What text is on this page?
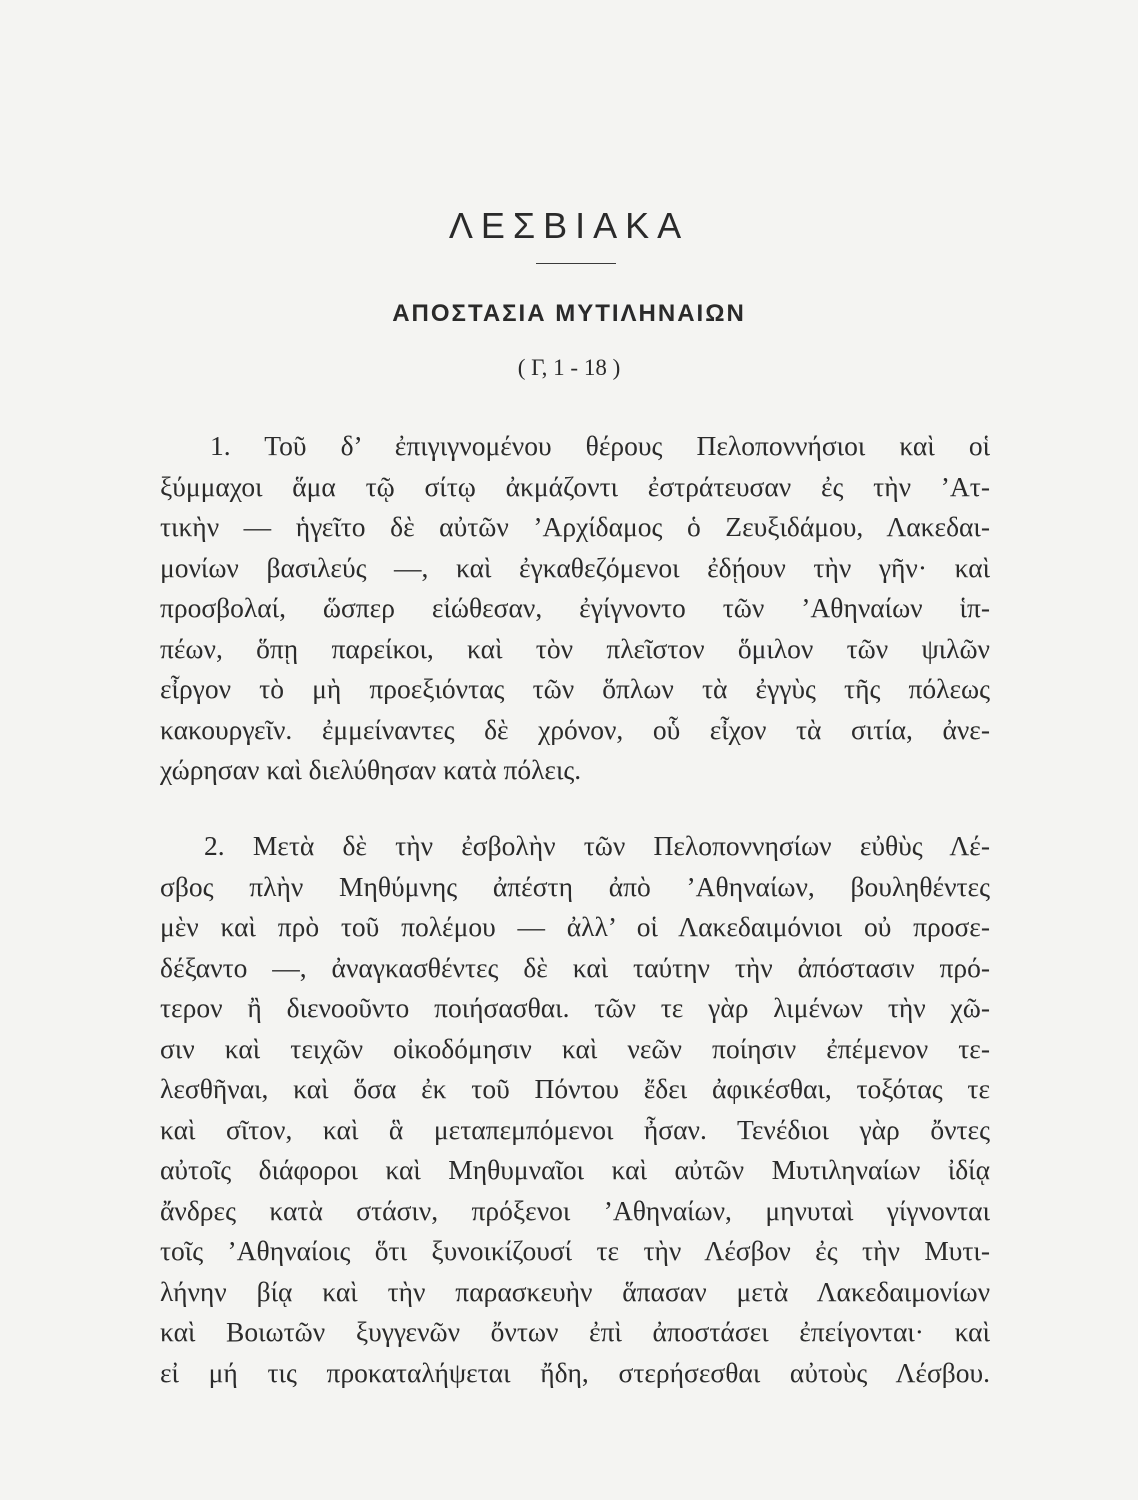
ΛΕΣΒΙΑΚΑ
ΑΠΟΣΤΑΣΙΑ ΜΥΤΙΛΗΝΑΙΩΝ
( Γ, 1 - 18 )
1. Τοῦ δ’ ἐπιγιγνομένου θέρους Πελοποννήσιοι καὶ οἱ
ξύμμαχοι ἅμα τῷ σίτῳ ἀκμάζοντι ἐστράτευσαν ἐς τὴν ’Ατ-
τικὴν — ἡγεῖτο δὲ αὐτῶν ’Αρχίδαμος ὁ Ζευξιδάμου, Λακεδαι-
μονίων βασιλεύς —, καὶ ἐγκαθεζόμενοι ἐδῄουν τὴν γῆν· καὶ
προσβολαί, ὥσπερ εἰώθεσαν, ἐγίγνοντο τῶν ’Αθηναίων ἱπ-
πέων, ὅπῃ παρείκοι, καὶ τὸν πλεῖστον ὅμιλον τῶν ψιλῶν
εἶργον τὸ μὴ προεξιόντας τῶν ὅπλων τὰ ἐγγὺς τῆς πόλεως
κακουργεῖν. ἐμμείναντες δὲ χρόνον, οὗ εἶχον τὰ σιτία, ἀνε-
χώρησαν καὶ διελύθησαν κατὰ πόλεις.
2. Μετὰ δὲ τὴν ἐσβολὴν τῶν Πελοποννησίων εὐθὺς Λέ-
σβος πλὴν Μηθύμνης ἀπέστη ἀπὸ ’Αθηναίων, βουληθέντες
μὲν καὶ πρὸ τοῦ πολέμου — ἀλλ’ οἱ Λακεδαιμόνιοι οὐ προσε-
δέξαντο —, ἀναγκασθέντες δὲ καὶ ταύτην τὴν ἀπόστασιν πρό-
τερον ἢ διενοοῦντο ποιήσασθαι. τῶν τε γὰρ λιμένων τὴν χῶ-
σιν καὶ τειχῶν οἰκοδόμησιν καὶ νεῶν ποίησιν ἐπέμενον τε-
λεσθῆναι, καὶ ὅσα ἐκ τοῦ Πόντου ἔδει ἀφικέσθαι, τοξότας τε
καὶ σῖτον, καὶ ἃ μεταπεμπόμενοι ἦσαν. Τενέδιοι γὰρ ὄντες
αὐτοῖς διάφοροι καὶ Μηθυμναῖοι καὶ αὐτῶν Μυτιληναίων ἰδίᾳ
ἄνδρες κατὰ στάσιν, πρόξενοι ’Αθηναίων, μηνυταὶ γίγνονται
τοῖς ’Αθηναίοις ὅτι ξυνοικίζουσί τε τὴν Λέσβον ἐς τὴν Μυτι-
λήνην βίᾳ καὶ τὴν παρασκευὴν ἅπασαν μετὰ Λακεδαιμονίων
καὶ Βοιωτῶν ξυγγενῶν ὄντων ἐπὶ ἀποστάσει ἐπείγονται· καὶ
εἰ μή τις προκαταλήψεται ἤδη, στερήσεσθαι αὐτοὺς Λέσβου.
